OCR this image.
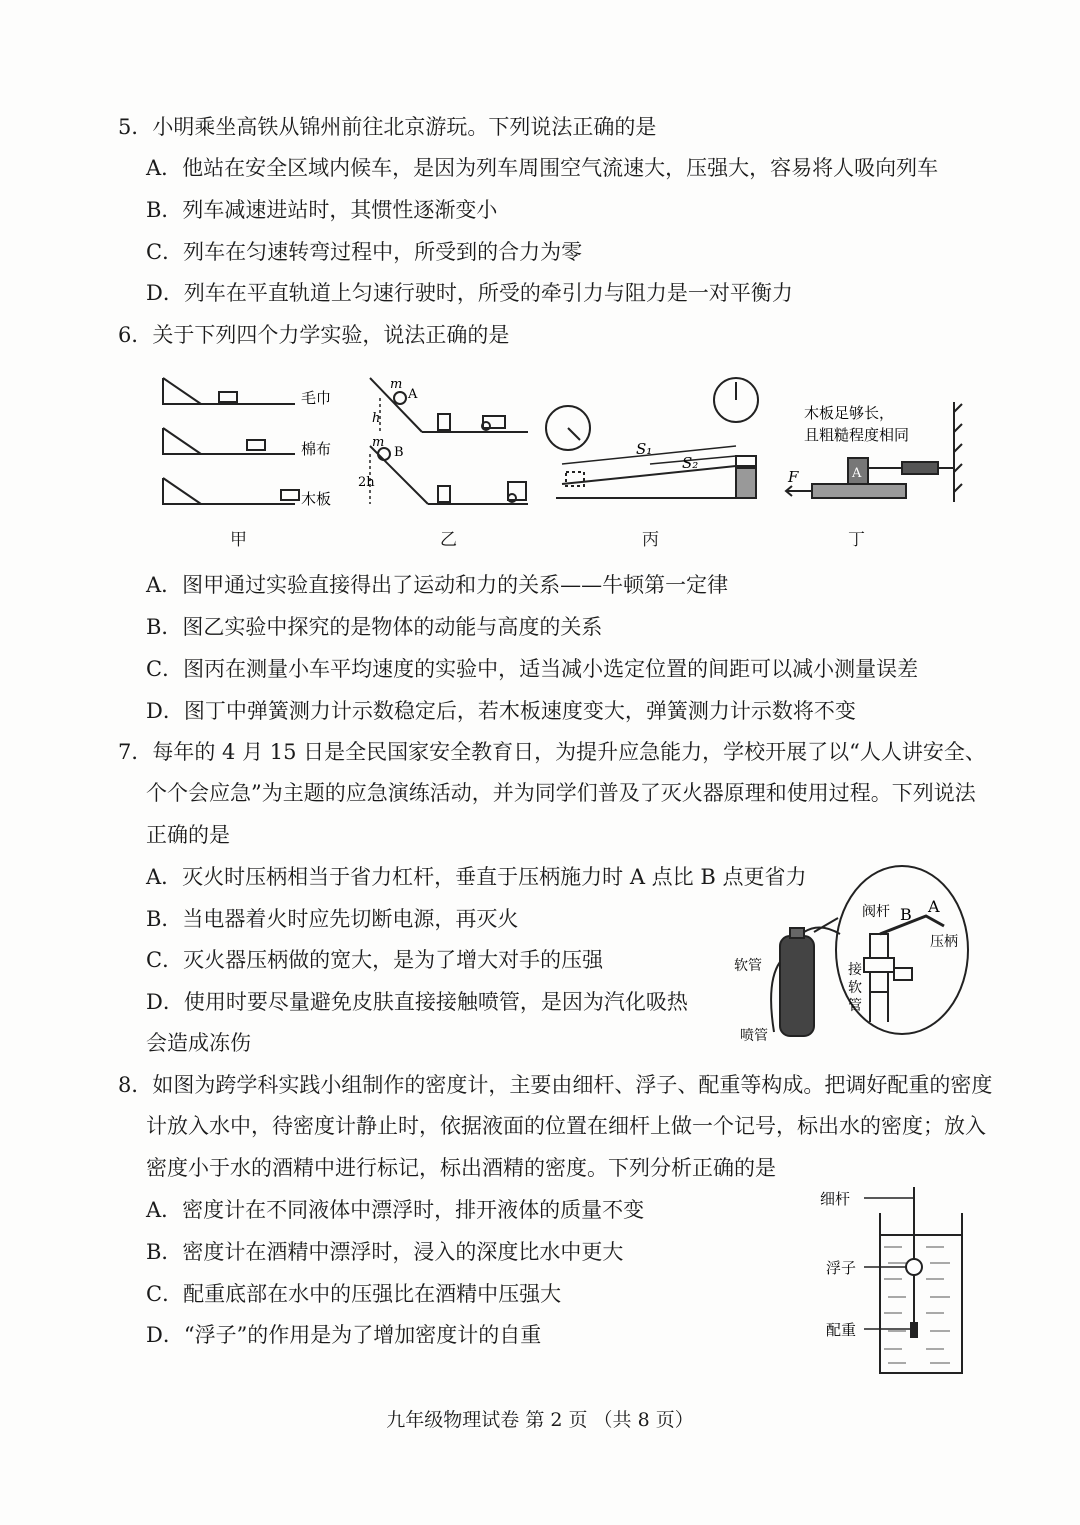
5．小明乘坐高铁从锦州前往北京游玩。下列说法正确的是
A．他站在安全区域内候车，是因为列车周围空气流速大，压强大，容易将人吸向列车
B．列车减速进站时，其惯性逐渐变小
C．列车在匀速转弯过程中，所受到的合力为零
D．列车在平直轨道上匀速行驶时，所受的牵引力与阻力是一对平衡力
6．关于下列四个力学实验，说法正确的是
毛巾
棉布
木板
m
A
h
m
B
2h
S₁
S₂
木板足够长，
且粗糙程度相同
A
F
甲	乙	丙	丁
A．图甲通过实验直接得出了运动和力的关系——牛顿第一定律
B．图乙实验中探究的是物体的动能与高度的关系
C．图丙在测量小车平均速度的实验中，适当减小选定位置的间距可以减小测量误差
D．图丁中弹簧测力计示数稳定后，若木板速度变大，弹簧测力计示数将不变
7．每年的 4 月 15 日是全民国家安全教育日，为提升应急能力，学校开展了以“人人讲安全、
个个会应急”为主题的应急演练活动，并为同学们普及了灭火器原理和使用过程。下列说法
正确的是
A．灭火时压柄相当于省力杠杆，垂直于压柄施力时 A 点比 B 点更省力
B．当电器着火时应先切断电源，再灭火
C．灭火器压柄做的宽大，是为了增大对手的压强
D．使用时要尽量避免皮肤直接接触喷管，是因为汽化吸热
会造成冻伤
阀杆 B A
压柄
软管	接
软
管
喷管
8．如图为跨学科实践小组制作的密度计，主要由细杆、浮子、配重等构成。把调好配重的密度
计放入水中，待密度计静止时，依据液面的位置在细杆上做一个记号，标出水的密度；放入
密度小于水的酒精中进行标记，标出酒精的密度。下列分析正确的是
A．密度计在不同液体中漂浮时，排开液体的质量不变
B．密度计在酒精中漂浮时，浸入的深度比水中更大
C．配重底部在水中的压强比在酒精中压强大
D．“浮子”的作用是为了增加密度计的自重
细杆
浮子
配重
九年级物理试卷 第 2 页 （共 8 页）
